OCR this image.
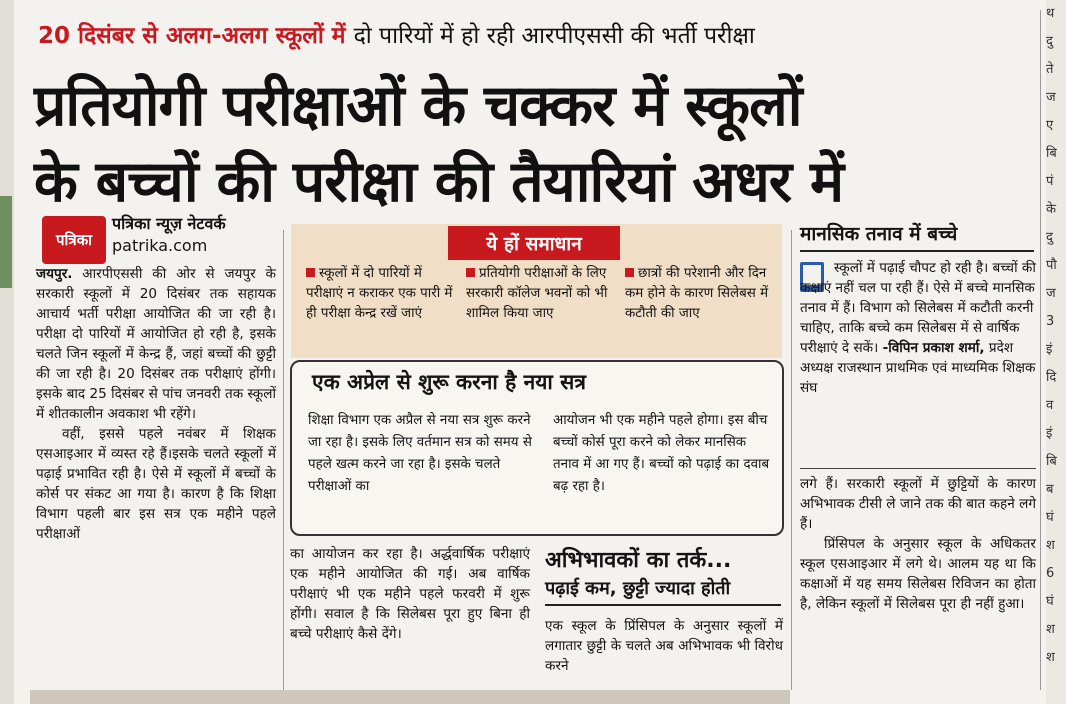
20 दिसंबर से अलग-अलग स्कूलों में दो पारियों में हो रही आरपीएससी की भर्ती परीक्षा
प्रतियोगी परीक्षाओं के चक्कर में स्कूलों
के बच्चों की परीक्षा की तैयारियां अधर में
पत्रिका
पत्रिका न्यूज़ नेटवर्क
patrika.com

जयपुर. आरपीएससी की ओर से जयपुर के सरकारी स्कूलों में 20 दिसंबर तक सहायक आचार्य भर्ती परीक्षा आयोजित की जा रही है। परीक्षा दो पारियों में आयोजित हो रही है, इसके चलते जिन स्कूलों में केन्द्र हैं, जहां बच्चों की छुट्टी की जा रही है। 20 दिसंबर तक परीक्षाएं होंगी। इसके बाद 25 दिसंबर से पांच जनवरी तक स्कूलों में शीतकालीन अवकाश भी रहेंगे।

वहीं, इससे पहले नवंबर में शिक्षक एसआइआर में व्यस्त रहे हैं।इसके चलते स्कूलों में पढ़ाई प्रभावित रही है। ऐसे में स्कूलों में बच्चों के कोर्स पर संकट आ गया है। कारण है कि शिक्षा विभाग पहली बार इस सत्र एक महीने पहले परीक्षाओं

ये हों समाधान
स्कूलों में दो पारियों में परीक्षाएं न कराकर एक पारी में ही परीक्षा केन्द्र रखें जाएं
प्रतियोगी परीक्षाओं के लिए सरकारी कॉलेज भवनों को भी शामिल किया जाए
छात्रों की परेशानी और दिन कम होने के कारण सिलेबस में कटौती की जाए
एक अप्रेल से शुरू करना है नया सत्र
शिक्षा विभाग एक अप्रैल से नया सत्र शुरू करने जा रहा है। इसके लिए वर्तमान सत्र को समय से पहले खत्म करने जा रहा है। इसके चलते परीक्षाओं का
आयोजन भी एक महीने पहले होगा। इस बीच बच्चों कोर्स पूरा करने को लेकर मानसिक तनाव में आ गए हैं। बच्चों को पढ़ाई का दवाब बढ़ रहा है।
का आयोजन कर रहा है। अर्द्धवार्षिक परीक्षाएं एक महीने आयोजित की गई। अब वार्षिक परीक्षाएं भी एक महीने पहले फरवरी में शुरू होंगी। सवाल है कि सिलेबस पूरा हुए बिना ही बच्चे परीक्षाएं कैसे देंगे।
अभिभावकों का तर्क...
पढ़ाई कम, छुट्टी ज्यादा होती
एक स्कूल के प्रिंसिपल के अनुसार स्कूलों में लगातार छुट्टी के चलते अब अभिभावक भी विरोध करने
मानसिक तनाव में बच्चे
स्कूलों में पढ़ाई चौपट हो रही है। बच्चों की कक्षाएं नहीं चल पा रही हैं। ऐसे में बच्चे मानसिक तनाव में हैं। विभाग को सिलेबस में कटौती करनी चाहिए, ताकि बच्चे कम सिलेबस में से वार्षिक परीक्षाएं दे सकें। -विपिन प्रकाश शर्मा, प्रदेश अध्यक्ष राजस्थान प्राथमिक एवं माध्यमिक शिक्षक संघ

लगे हैं। सरकारी स्कूलों में छुट्टियों के कारण अभिभावक टीसी ले जाने तक की बात कहने लगे हैं।

प्रिंसिपल के अनुसार स्कूल के अधिकतर स्कूल एसआइआर में लगे थे। आलम यह था कि कक्षाओं में यह समय सिलेबस रिविजन का होता है, लेकिन स्कूलों में सिलेबस पूरा ही नहीं हुआ।

थ
दु
ते
ज
ए
बि
पं
के
दु
पौ
ज
3
इं
दि
व
इं
बि
ब
घं
श
6
घं
श
श
